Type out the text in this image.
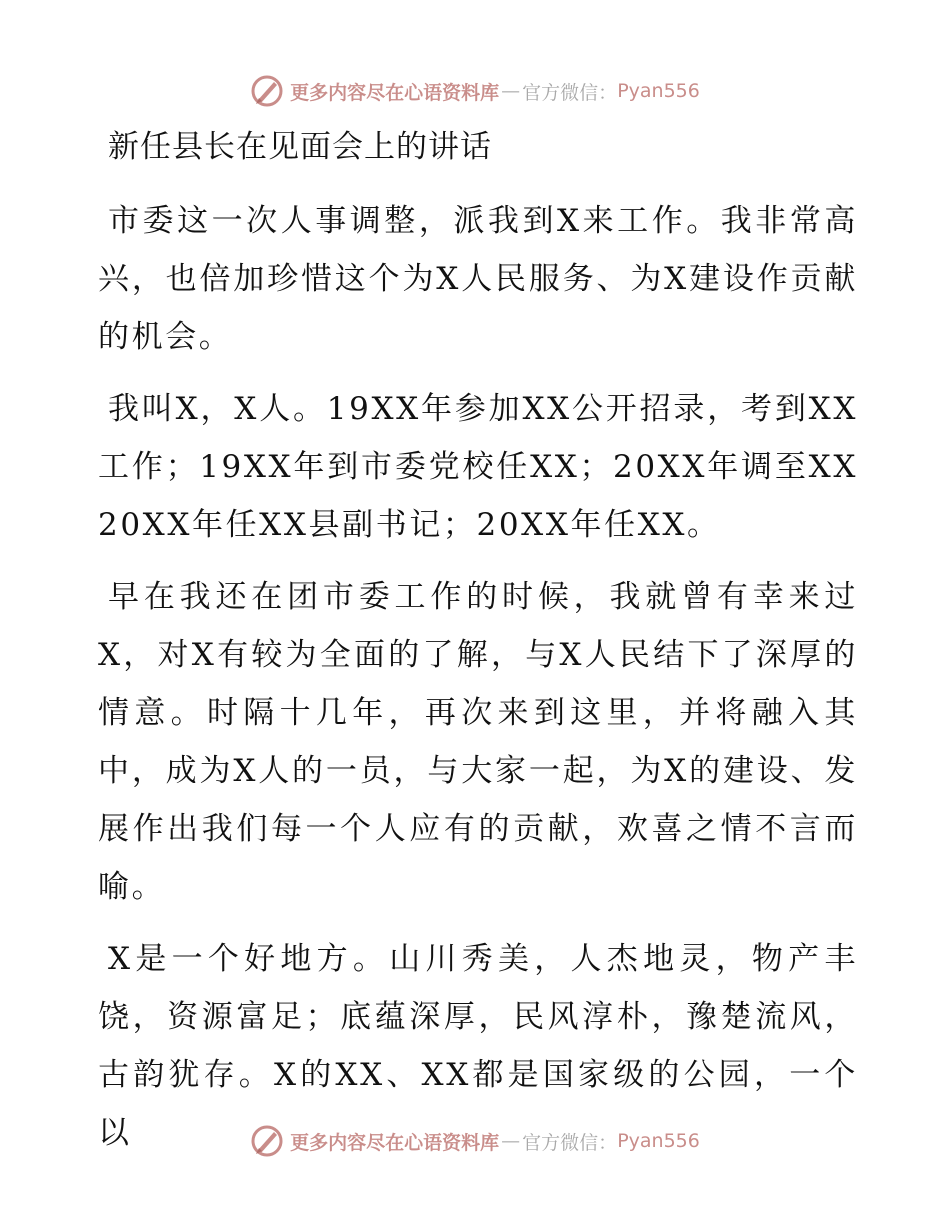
更多内容尽在心语资料库 — 官方微信： Pyan556
新任县长在见面会上的讲话

市委这一次人事调整，派我到X来工作。我非常高兴，也倍加珍惜这个为X人民服务、为X建设作贡献的机会。

我叫X，X人。19XX年参加XX公开招录，考到XX工作；19XX年到市委党校任XX；20XX年调至XX20XX年任XX县副书记；20XX年任XX。

早在我还在团市委工作的时候，我就曾有幸来过X，对X有较为全面的了解，与X人民结下了深厚的情意。时隔十几年，再次来到这里，并将融入其中，成为X人的一员，与大家一起，为X的建设、发展作出我们每一个人应有的贡献，欢喜之情不言而喻。

X是一个好地方。山川秀美，人杰地灵，物产丰饶，资源富足；底蕴深厚，民风淳朴，豫楚流风，古韵犹存。X的XX、XX都是国家级的公园，一个以	更多内容尽在心语资料库 — 官方微信： Pyan556
